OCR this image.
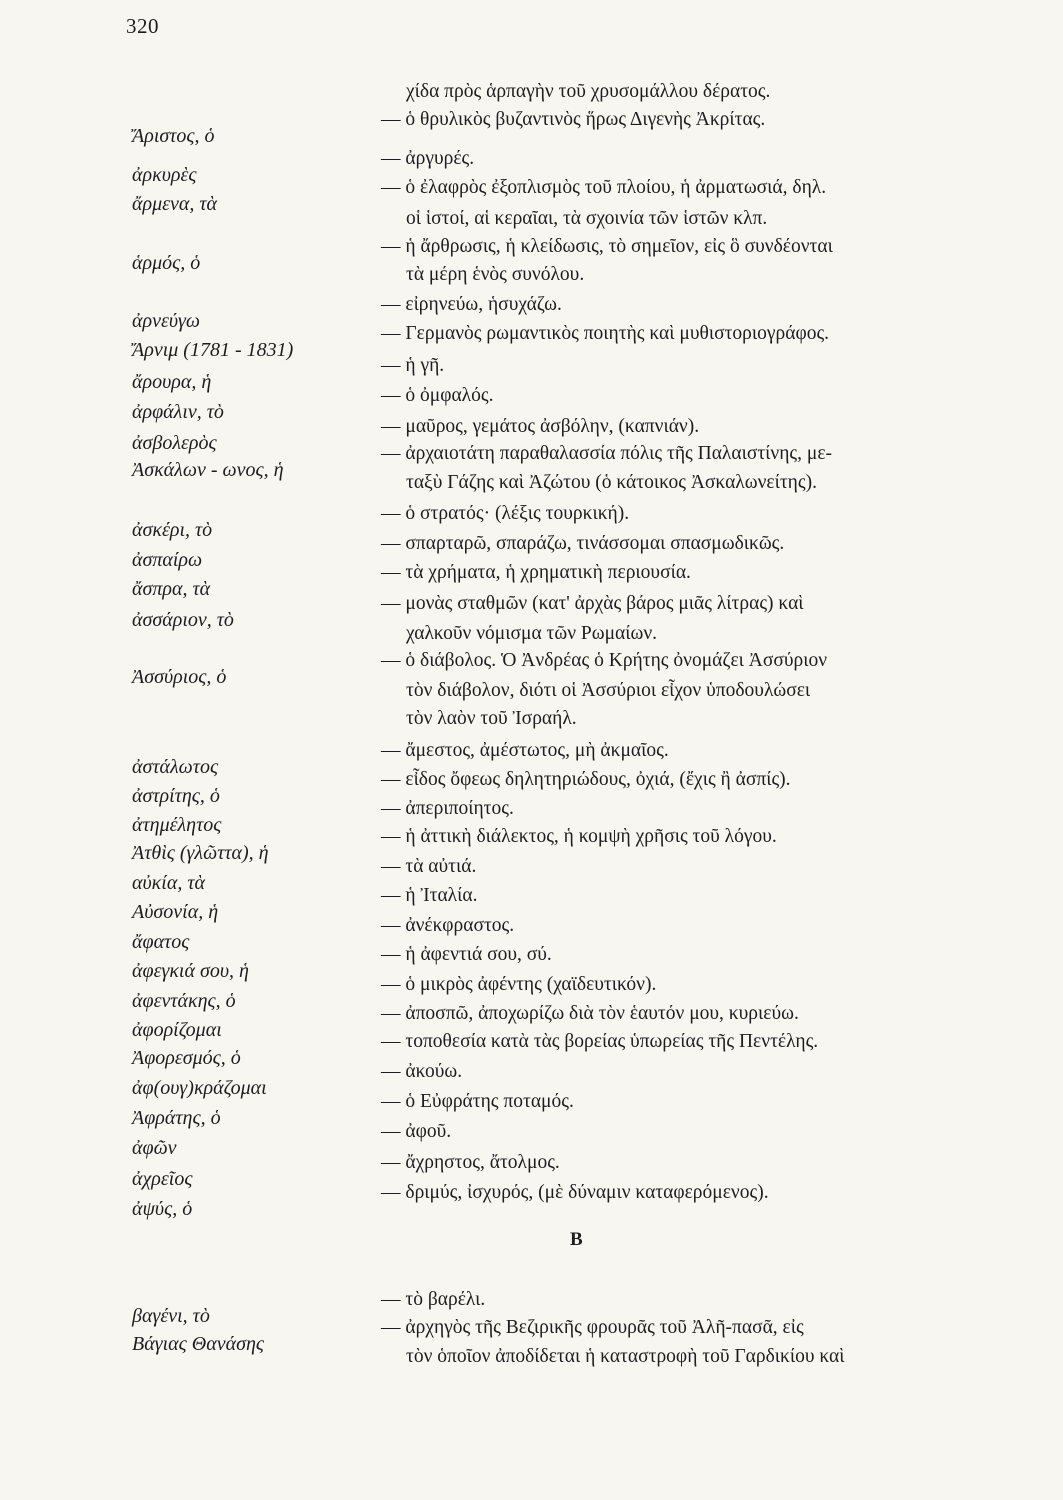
320
χίδα πρὸς ἁρπαγὴν τοῦ χρυσομάλλου δέρατος.
Ἄριστος, ὁ
— ὁ θρυλικὸς βυζαντινὸς ἥρως Διγενὴς Ἀκρίτας.
ἀρκυρὲς
— ἀργυρές.
ἄρμενα, τὰ
— ὁ ἐλαφρὸς ἐξοπλισμὸς τοῦ πλοίου, ἡ ἀρματωσιά, δηλ.
οἱ ἱστοί, αἱ κεραῖαι, τὰ σχοινία τῶν ἱστῶν κλπ.
ἁρμός, ὁ
— ἡ ἄρθρωσις, ἡ κλείδωσις, τὸ σημεῖον, εἰς ὃ συνδέονται
τὰ μέρη ἑνὸς συνόλου.
ἀρνεύγω
— εἰρηνεύω, ἡσυχάζω.
Ἄρνιμ (1781 - 1831)
— Γερμανὸς ρωμαντικὸς ποιητὴς καὶ μυθιστοριογράφος.
ἄρουρα, ἡ
— ἡ γῆ.
ἀρφάλιν, τὸ
— ὁ ὀμφαλός.
ἀσβολερὸς
— μαῦρος, γεμάτος ἀσβόλην, (καπνιάν).
Ἀσκάλων - ωνος, ἡ
— ἀρχαιοτάτη παραθαλασσία πόλις τῆς Παλαιστίνης, με-
ταξὺ Γάζης καὶ Ἀζώτου (ὁ κάτοικος Ἀσκαλωνείτης).
ἀσκέρι, τὸ
— ὁ στρατός· (λέξις τουρκική).
ἀσπαίρω
— σπαρταρῶ, σπαράζω, τινάσσομαι σπασμωδικῶς.
ἄσπρα, τὰ
— τὰ χρήματα, ἡ χρηματικὴ περιουσία.
ἀσσάριον, τὸ
— μονὰς σταθμῶν (κατ' ἀρχὰς βάρος μιᾶς λίτρας) καὶ
χαλκοῦν νόμισμα τῶν Ρωμαίων.
Ἀσσύριος, ὁ
— ὁ διάβολος. Ὁ Ἀνδρέας ὁ Κρήτης ὀνομάζει Ἀσσύριον
τὸν διάβολον, διότι οἱ Ἀσσύριοι εἶχον ὑποδουλώσει
τὸν λαὸν τοῦ Ἰσραήλ.
ἀστάλωτος
— ἄμεστος, ἀμέστωτος, μὴ ἀκμαῖος.
ἀστρίτης, ὁ
— εἶδος ὄφεως δηλητηριώδους, ὀχιά, (ἔχις ἢ ἀσπίς).
ἀτημέλητος
— ἀπεριποίητος.
Ἀτθὶς (γλῶττα), ἡ
— ἡ ἀττικὴ διάλεκτος, ἡ κομψὴ χρῆσις τοῦ λόγου.
αὐκία, τὰ
— τὰ αὐτιά.
Αὐσονία, ἡ
— ἡ Ἰταλία.
ἄφατος
— ἀνέκφραστος.
ἀφεγκιά σου, ἡ
— ἡ ἀφεντιά σου, σύ.
ἀφεντάκης, ὁ
— ὁ μικρὸς ἀφέντης (χαϊδευτικόν).
ἀφορίζομαι
— ἀποσπῶ, ἀποχωρίζω διὰ τὸν ἑαυτόν μου, κυριεύω.
Ἀφορεσμός, ὁ
— τοποθεσία κατὰ τὰς βορείας ὑπωρείας τῆς Πεντέλης.
ἀφ(ουγ)κράζομαι
— ἀκούω.
Ἀφράτης, ὁ
— ὁ Εὐφράτης ποταμός.
ἀφῶν
— ἀφοῦ.
ἀχρεῖος
— ἄχρηστος, ἄτολμος.
ἀψύς, ὁ
— δριμύς, ἰσχυρός, (μὲ δύναμιν καταφερόμενος).
βαγένι, τὸ
— τὸ βαρέλι.
Βάγιας Θανάσης
— ἀρχηγὸς τῆς Βεζιρικῆς φρουρᾶς τοῦ Ἀλῆ-πασᾶ, εἰς
τὸν ὁποῖον ἀποδίδεται ἡ καταστροφὴ τοῦ Γαρδικίου καὶ
B
